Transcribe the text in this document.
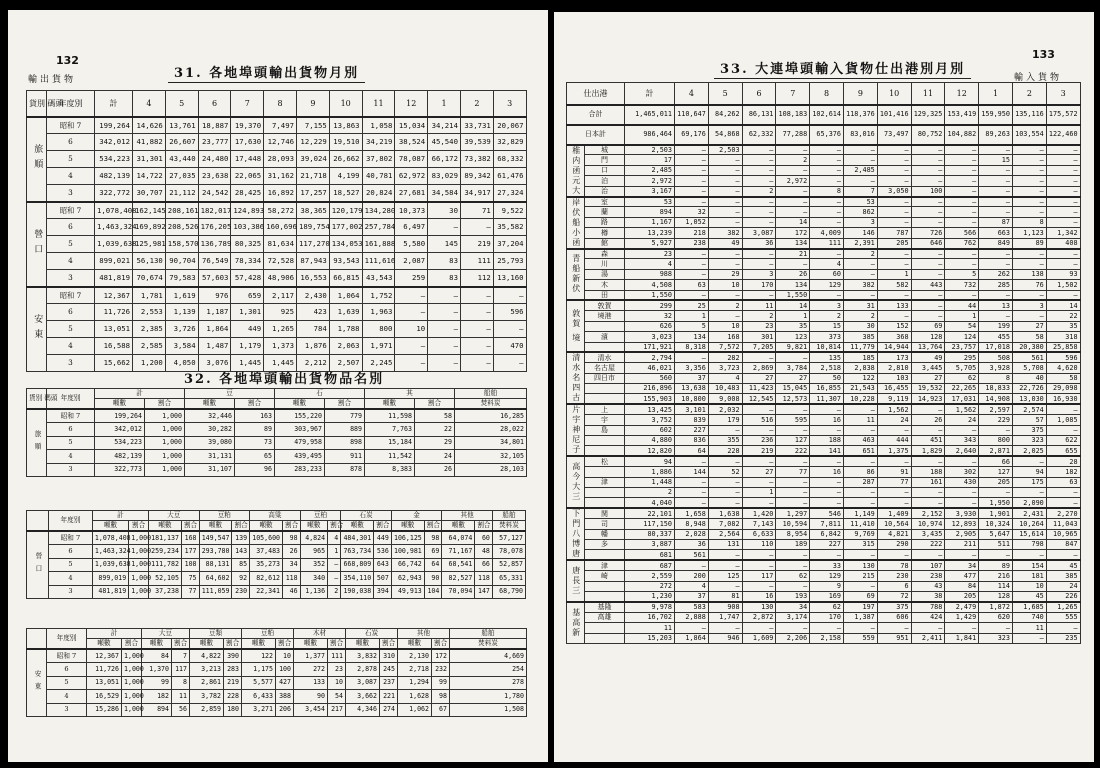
132
輸出貨物	31. 各地埠頭輸出貨物月別
貨別 碼頭	年度別	計	4	5	6	7	8	9	10	11	12	1	2	3
旅順	昭和 7	199,264	14,626	13,761	18,887	19,370	7,497	7,155	13,863	1,058	15,034	34,214	33,731	20,067
	6	342,012	41,882	26,607	23,777	17,630	12,746	12,229	19,510	34,219	38,524	45,540	39,539	32,829
	5	534,223	31,301	43,440	24,480	17,448	28,093	39,024	26,662	37,802	78,087	66,172	73,382	68,332
	4	482,139	14,722	27,035	23,638	22,065	31,162	21,718	4,199	40,781	62,972	83,029	89,342	61,476
	3	322,772	30,707	21,112	24,542	28,425	16,892	17,257	18,527	20,824	27,681	34,584	34,917	27,324
營口	昭和 7	1,078,408	162,145	208,161	182,017	124,893	58,272	38,365	120,179	134,280	10,373	30	71	9,522
	6	1,463,324	169,892	208,526	176,205	103,386	160,696	189,754	177,002	257,784	6,497	—	—	35,582
	5	1,039,638	125,981	158,570	136,789	80,325	81,634	117,270	134,053	161,888	5,580	145	219	37,204
	4	899,021	56,130	90,704	76,549	78,334	72,528	87,943	93,543	111,616	2,087	83	111	25,793
	3	481,819	70,674	79,583	57,603	57,428	48,906	16,553	66,815	43,543	259	83	112	13,160
安東	昭和 7	12,367	1,781	1,619	976	659	2,117	2,430	1,064	1,752	—	—	—	—
	6	11,726	2,553	1,139	1,187	1,301	925	423	1,639	1,963	—	—	—	596
	5	13,051	2,385	3,726	1,864	449	1,265	784	1,788	800	10	—	—	—
	4	16,588	2,585	3,584	1,487	1,179	1,373	1,876	2,063	1,971	—	—	—	470
	3	15,662	1,200	4,050	3,076	1,445	1,445	2,212	2,507	2,245	—	—	—	—
32. 各地埠頭輸出貨物品名別
貨別 碼頭	年度別	計		豆		石		其		船舶
		噸數	割合	噸數	割合	噸數	割合	噸數	割合	焚料炭
旅順	昭和 7	199,264	1,000	32,446	163	155,220	779	11,598	58	16,285
	6	342,012	1,000	30,282	89	303,967	889	7,763	22	28,022
	5	534,223	1,000	39,080	73	479,958	898	15,184	29	34,801
	4	482,139	1,000	31,131	65	439,495	911	11,542	24	32,105
	3	322,773	1,000	31,107	96	283,233	878	8,383	26	28,103
	年度別	計		大豆		豆粕		高粱		豆柏		石炭		金		其他		船舶
		噸數	割合	噸數	割合	噸數	割合	噸數	割合	噸數	割合	噸數	割合	噸數	割合	噸數	割合	焚料炭
營口	昭和 7	1,078,408	1,000	181,137	168	149,547	139	105,600	98	4,824	4	484,301	449	106,125	98	64,074	60	57,127
	6	1,463,324	1,000	259,234	177	293,780	143	37,483	26	965	1	763,734	536	100,981	69	71,167	48	78,078
	5	1,039,638	1,000	111,782	108	88,131	85	35,273	34	352	—	668,809	643	66,742	64	68,541	66	52,857
	4	899,019	1,000	52,105	75	64,602	92	82,612	118	340	—	354,110	507	62,943	90	82,527	118	65,331
	3	481,819	1,000	37,238	77	111,059	230	22,341	46	1,136	2	190,038	394	49,913	104	70,094	147	68,790
	年度別	計		大豆		豆類		豆粕		木材		石炭		其他		船舶
		噸數	割合	噸數	割合	噸數	割合	噸數	割合	噸數	割合	噸數	割合	噸數	割合	焚料炭
安東	昭和 7	12,367	1,000	84	7	4,822	390	122	10	1,377	111	3,832	310	2,130	172	4,669
	6	11,726	1,000	1,370	117	3,213	283	1,175	100	272	23	2,878	245	2,718	232	254
	5	13,051	1,000	99	8	2,861	219	5,577	427	133	10	3,087	237	1,294	99	278
	4	16,529	1,000	182	11	3,782	228	6,433	388	90	54	3,662	221	1,628	98	1,780
	3	15,286	1,000	894	56	2,859	180	3,271	206	3,454	217	4,346	274	1,062	67	1,508
133
輸入貨物
33. 大連埠頭輸入貨物仕出港別月別
仕出港		計	4	5	6	7	8	9	10	11	12	1	2	3
合計		1,465,011	110,647	84,262	86,131	108,183	102,614	118,376	101,416	129,325	153,419	159,950	135,116	175,572
日本計		986,464	69,176	54,868	62,332	77,288	65,376	83,016	73,497	80,752	104,882	89,263	103,554	122,460
稚内函元大	城	2,503	—	2,503	—	—	—	—	—	—	—	—	—	—
	門	17	—	—	—	2	—	—	—	—	—	15	—	—
	口	2,485	—	—	—	—	—	2,485	—	—	—	—	—	—
	泊	2,972	—	—	—	2,972	—	—	—	—	—	—	—	—
	治	3,167	—	—	2	—	8	7	3,050	100	—	—	—	—
岸伏船小函	室	53	—	—	—	—	—	53	—	—	—	—	—	—
	蘭	894	32	—	—	—	—	862	—	—	—	—	—	—
	路	1,167	1,052	—	—	14	—	3	—	—	—	87	8	—
	樽	13,239	218	382	3,087	172	4,009	146	787	726	566	663	1,123	1,342
	館	5,927	238	49	36	134	111	2,391	205	646	762	849	89	408
青船新伏	森	23	—	—	—	21	—	2	—	—	—	—	—	—
	川	4	—	—	—	—	4	—	—	—	—	—	—	—
	湯	988	—	29	3	26	60	—	1	—	5	262	138	93
	木	4,508	63	10	170	134	129	382	582	443	732	285	76	1,502
	田	1,550	—	—	—	1,550	—	—	—	—	—	—	—	—
敦賀 境	敦賀	299	25	2	11	14	3	31	133	—	44	13	3	14
	境港	32	1	—	2	1	2	2	—	—	1	—	—	22
		626	5	10	23	35	15	30	152	69	54	199	27	35
	濱	3,023	134	168	301	123	373	385	368	128	124	455	58	318
		171,921	8,318	7,572	7,205	9,821	10,814	11,779	14,944	13,764	23,757	17,018	20,380	25,858
清水名四古	清水	2,794	—	282	—	—	135	185	173	49	295	508	561	596
	名古屋	46,021	3,356	3,723	2,869	3,784	2,518	2,838	2,810	3,445	5,705	3,928	5,708	4,620
	四日市	560	37	4	27	27	50	122	103	27	62	8	40	58
		216,896	13,638	10,483	11,423	15,045	16,855	21,543	16,455	19,532	22,265	18,833	22,726	29,098
		155,903	10,800	9,008	12,545	12,573	11,307	10,228	9,119	14,923	17,031	14,908	13,030	16,930
片宇神尼子	上	13,425	3,101	2,032	—	—	—	—	1,562	—	1,562	2,597	2,574	—
	宇	3,752	839	179	516	595	16	11	24	26	24	229	57	1,085
	島	602	227	—	—	—	—	—	—	—	—	—	375	—
		4,880	836	355	236	127	188	463	444	451	343	800	323	622
		12,820	64	228	219	222	141	651	1,375	1,829	2,640	2,871	2,025	655
高今大三	松	94	—	—	—	—	—	—	—	—	—	66	—	28
		1,886	144	52	27	77	16	86	91	188	302	127	94	182
	津	1,448	—	—	—	—	—	287	77	161	430	205	175	63
		2	—	—	1	—	—	—	—	—	—	—	—	—
		4,040	—	—	—	—	—	—	—	—	—	1,950	2,090	—
下門八博唐	関	22,101	1,658	1,638	1,420	1,297	546	1,149	1,409	2,152	3,930	1,901	2,431	2,270
	司	117,150	8,948	7,082	7,143	10,594	7,811	11,410	10,564	10,974	12,893	10,324	10,264	11,043
	幡	80,337	2,028	2,564	6,633	8,954	6,842	9,769	4,821	3,435	2,905	5,647	15,614	10,965
	多	3,887	36	131	110	189	227	315	290	222	211	511	798	847
		681	561	—	—	—	—	—	—	—	—	—	—	—
唐長三	津	687	—	—	—	—	33	130	78	107	34	89	154	45
	崎	2,559	200	125	117	62	129	215	230	238	477	216	181	385
		272	4	—	—	—	9	—	6	43	84	114	10	24
		1,230	37	81	16	193	169	69	72	38	205	128	45	226
基高新	基隆	9,978	583	908	130	34	62	197	375	788	2,479	1,872	1,685	1,265
	高雄	16,702	2,888	1,747	2,872	3,174	170	1,387	606	424	1,429	620	740	555
		11	—	—	—	—	—	—	—	—	—	—	11	—
		15,203	1,864	946	1,609	2,206	2,158	559	951	2,411	1,841	323	—	235
